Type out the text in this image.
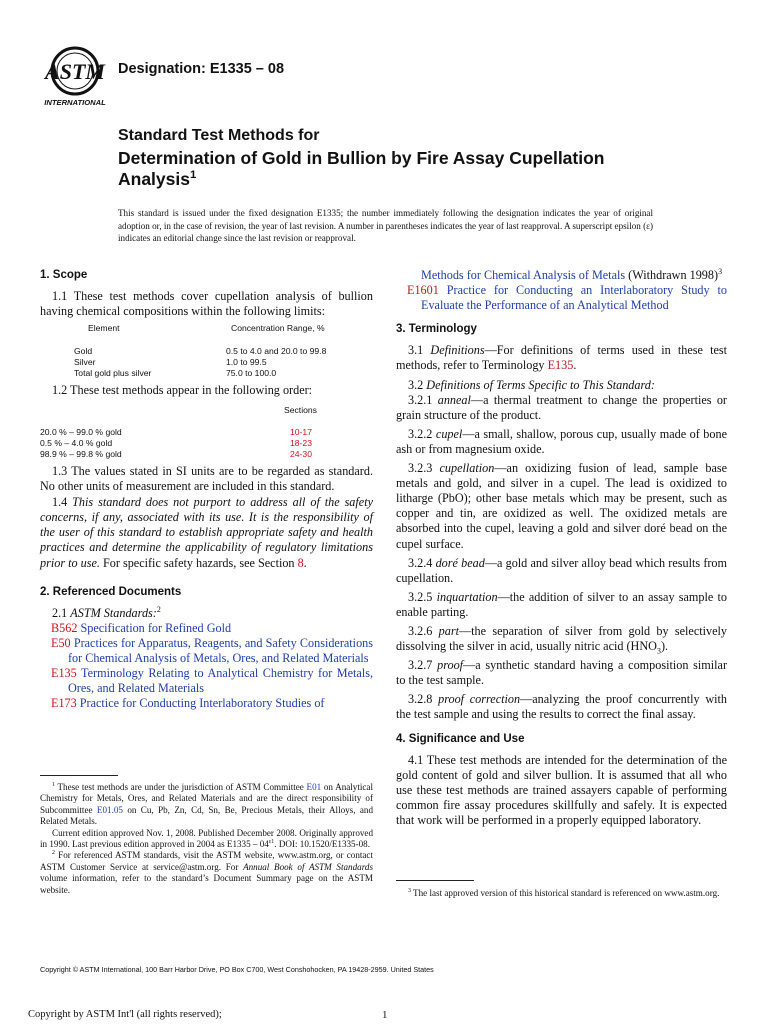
ASTM
INTERNATIONAL
Designation: E1335 – 08
Standard Test Methods for
Determination of Gold in Bullion by Fire Assay Cupellation Analysis$^1$
This standard is issued under the fixed designation E1335; the number immediately following the designation indicates the year of original adoption or, in the case of revision, the year of last revision. A number in parentheses indicates the year of last reapproval. A superscript epsilon (ε) indicates an editorial change since the last revision or reapproval.
1. Scope

1.1 These test methods cover cupellation analysis of bullion having chemical compositions within the following limits:

Element	Concentration Range, %
Gold	0.5 to 4.0 and 20.0 to 99.8
Silver	1.0 to 99.5
Total gold plus silver	75.0 to 100.0

1.2 These test methods appear in the following order:

Sections
20.0 % – 99.0 % gold	10-17
0.5 % – 4.0 % gold	18-23
98.9 % – 99.8 % gold	24-30

1.3 The values stated in SI units are to be regarded as standard. No other units of measurement are included in this standard.

1.4 This standard does not purport to address all of the safety concerns, if any, associated with its use. It is the responsibility of the user of this standard to establish appropriate safety and health practices and determine the applicability of regulatory limitations prior to use. For specific safety hazards, see Section 8.

2. Referenced Documents

2.1 ASTM Standards:$^2$

B562 Specification for Refined Gold

E50 Practices for Apparatus, Reagents, and Safety Considerations for Chemical Analysis of Metals, Ores, and Related Materials

E135 Terminology Relating to Analytical Chemistry for Metals, Ores, and Related Materials

E173 Practice for Conducting Interlaboratory Studies of

$^1$ These test methods are under the jurisdiction of ASTM Committee E01 on Analytical Chemistry for Metals, Ores, and Related Materials and are the direct responsibility of Subcommittee E01.05 on Cu, Pb, Zn, Cd, Sn, Be, Precious Metals, their Alloys, and Related Metals.

Current edition approved Nov. 1, 2008. Published December 2008. Originally approved in 1990. Last previous edition approved in 2004 as $E1335 - 04^{\varepsilon 1}$. DOI: 10.1520/E1335-08.

$^2$ For referenced ASTM standards, visit the ASTM website, www.astm.org, or contact ASTM Customer Service at service@astm.org. For Annual Book of ASTM Standards volume information, refer to the standard’s Document Summary page on the ASTM website.

Methods for Chemical Analysis of Metals (Withdrawn 1998)$^3$

E1601 Practice for Conducting an Interlaboratory Study to Evaluate the Performance of an Analytical Method

3. Terminology

3.1 Definitions—For definitions of terms used in these test methods, refer to Terminology E135.

3.2 Definitions of Terms Specific to This Standard:

3.2.1 anneal—a thermal treatment to change the properties or grain structure of the product.

3.2.2 cupel—a small, shallow, porous cup, usually made of bone ash or from magnesium oxide.

3.2.3 cupellation—an oxidizing fusion of lead, sample base metals and gold, and silver in a cupel. The lead is oxidized to litharge (PbO); other base metals which may be present, such as copper and tin, are oxidized as well. The oxidized metals are absorbed into the cupel, leaving a gold and silver doré bead on the cupel surface.

3.2.4 doré bead—a gold and silver alloy bead which results from cupellation.

3.2.5 inquartation—the addition of silver to an assay sample to enable parting.

3.2.6 part—the separation of silver from gold by selectively dissolving the silver in acid, usually nitric acid $(HNO_3)$.

3.2.7 proof—a synthetic standard having a composition similar to the test sample.

3.2.8 proof correction—analyzing the proof concurrently with the test sample and using the results to correct the final assay.

4. Significance and Use

4.1 These test methods are intended for the determination of the gold content of gold and silver bullion. It is assumed that all who use these test methods are trained assayers capable of performing common fire assay procedures skillfully and safely. It is expected that work will be performed in a properly equipped laboratory.

$^3$ The last approved version of this historical standard is referenced on www.astm.org.

Copyright © ASTM International, 100 Barr Harbor Drive, PO Box C700, West Conshohocken, PA 19428-2959. United States
Copyright by ASTM Int'l (all rights reserved);	1
